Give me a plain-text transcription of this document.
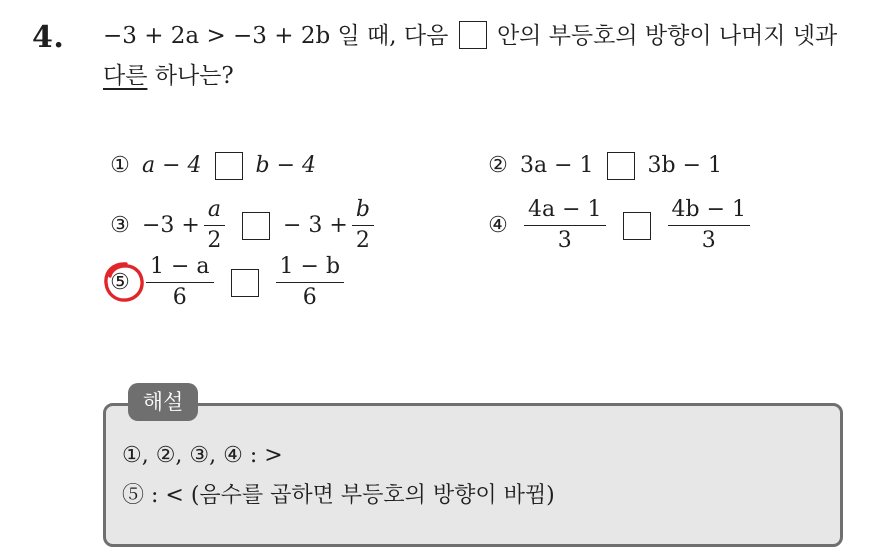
4. −3 + 2a > −3 + 2b 일 때, 다음 안의 부등호의 방향이 나머지 넷과
다른 하나는?
① a − 4 b − 4	② 3a − 1 3b − 1
③ $-3 + \frac{a}{2}$	− $3 + \frac{b}{2}$	④ $\frac{4a - 1}{3}$	$\frac{4b - 1}{3}$
⑤ $\frac{1 - a}{6}$	$\frac{1 - b}{6}$
해설
①, ②, ③, ④ : >
⑤ : < (음수를 곱하면 부등호의 방향이 바뀜)
